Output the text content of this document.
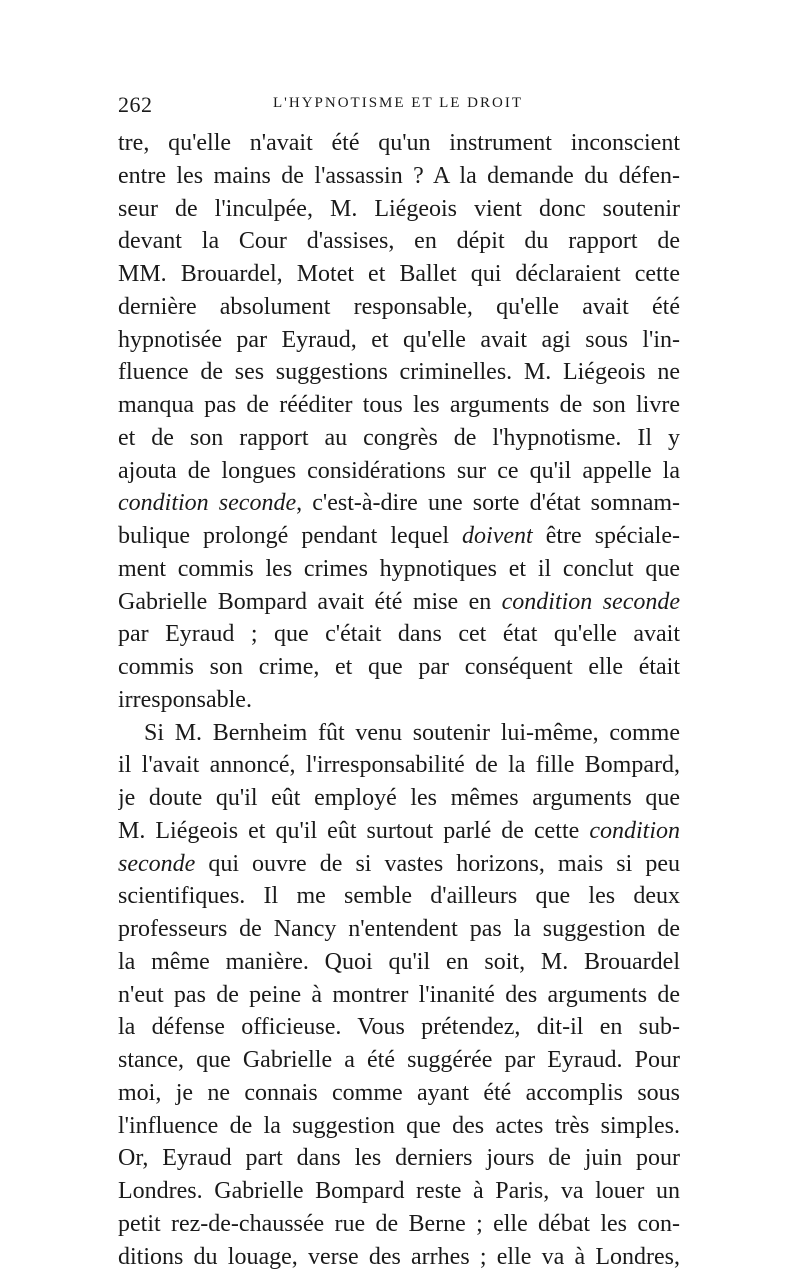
262	L'HYPNOTISME ET LE DROIT
tre, qu'elle n'avait été qu'un instrument inconscient
entre les mains de l'assassin ? A la demande du défen-
seur de l'inculpée, M. Liégeois vient donc soutenir
devant la Cour d'assises, en dépit du rapport de
MM. Brouardel, Motet et Ballet qui déclaraient cette
dernière absolument responsable, qu'elle avait été
hypnotisée par Eyraud, et qu'elle avait agi sous l'in-
fluence de ses suggestions criminelles. M. Liégeois ne
manqua pas de rééditer tous les arguments de son livre
et de son rapport au congrès de l'hypnotisme. Il y
ajouta de longues considérations sur ce qu'il appelle la
condition seconde, c'est-à-dire une sorte d'état somnam-
bulique prolongé pendant lequel doivent être spéciale-
ment commis les crimes hypnotiques et il conclut que
Gabrielle Bompard avait été mise en condition seconde
par Eyraud ; que c'était dans cet état qu'elle avait
commis son crime, et que par conséquent elle était
irresponsable.
Si M. Bernheim fût venu soutenir lui-même, comme
il l'avait annoncé, l'irresponsabilité de la fille Bompard,
je doute qu'il eût employé les mêmes arguments que
M. Liégeois et qu'il eût surtout parlé de cette condition
seconde qui ouvre de si vastes horizons, mais si peu
scientifiques. Il me semble d'ailleurs que les deux
professeurs de Nancy n'entendent pas la suggestion de
la même manière. Quoi qu'il en soit, M. Brouardel
n'eut pas de peine à montrer l'inanité des arguments de
la défense officieuse. Vous prétendez, dit-il en sub-
stance, que Gabrielle a été suggérée par Eyraud. Pour
moi, je ne connais comme ayant été accomplis sous
l'influence de la suggestion que des actes très simples.
Or, Eyraud part dans les derniers jours de juin pour
Londres. Gabrielle Bompard reste à Paris, va louer un
petit rez-de-chaussée rue de Berne ; elle débat les con-
ditions du louage, verse des arrhes ; elle va à Londres,
